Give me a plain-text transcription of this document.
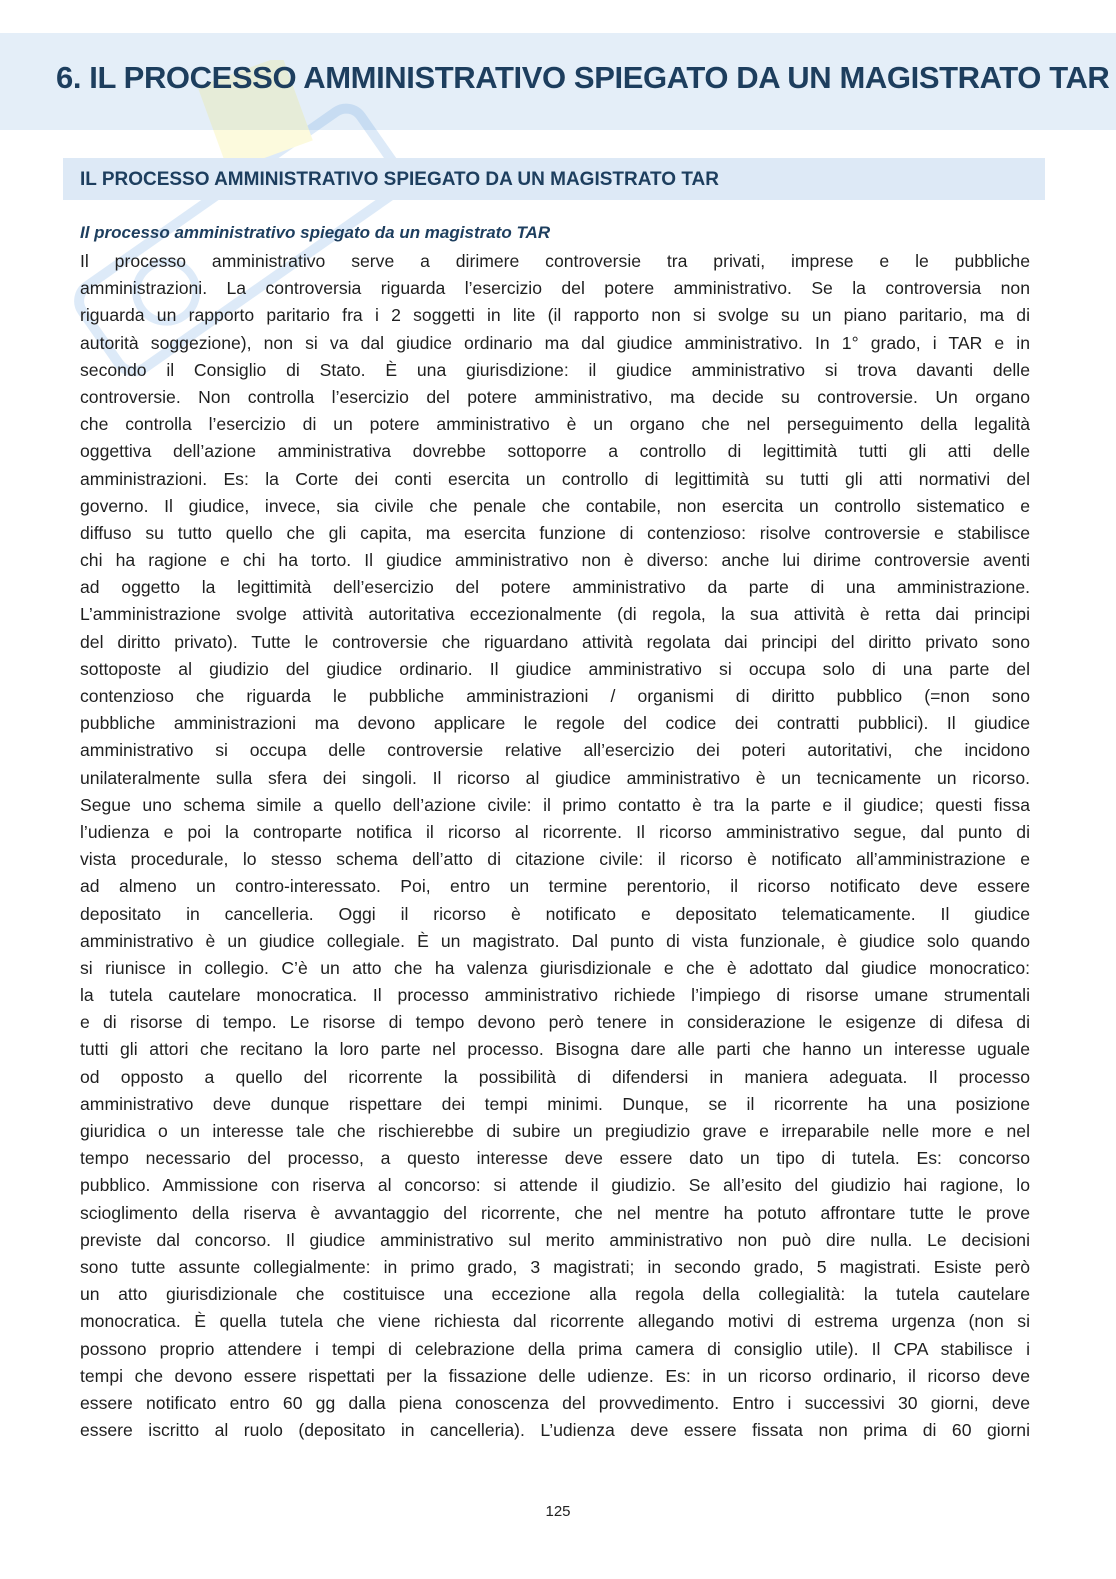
6. IL PROCESSO AMMINISTRATIVO SPIEGATO DA UN MAGISTRATO TAR
IL PROCESSO AMMINISTRATIVO SPIEGATO DA UN MAGISTRATO TAR
Il processo amministrativo spiegato da un magistrato TAR
Il processo amministrativo serve a dirimere controversie tra privati, imprese e le pubbliche
amministrazioni. La controversia riguarda l’esercizio del potere amministrativo. Se la controversia non
riguarda un rapporto paritario fra i 2 soggetti in lite (il rapporto non si svolge su un piano paritario, ma di
autorità soggezione), non si va dal giudice ordinario ma dal giudice amministrativo. In 1° grado, i TAR e in
secondo il Consiglio di Stato. È una giurisdizione: il giudice amministrativo si trova davanti delle
controversie. Non controlla l’esercizio del potere amministrativo, ma decide su controversie. Un organo
che controlla l’esercizio di un potere amministrativo è un organo che nel perseguimento della legalità
oggettiva dell’azione amministrativa dovrebbe sottoporre a controllo di legittimità tutti gli atti delle
amministrazioni. Es: la Corte dei conti esercita un controllo di legittimità su tutti gli atti normativi del
governo. Il giudice, invece, sia civile che penale che contabile, non esercita un controllo sistematico e
diffuso su tutto quello che gli capita, ma esercita funzione di contenzioso: risolve controversie e stabilisce
chi ha ragione e chi ha torto. Il giudice amministrativo non è diverso: anche lui dirime controversie aventi
ad oggetto la legittimità dell’esercizio del potere amministrativo da parte di una amministrazione.
L’amministrazione svolge attività autoritativa eccezionalmente (di regola, la sua attività è retta dai principi
del diritto privato). Tutte le controversie che riguardano attività regolata dai principi del diritto privato sono
sottoposte al giudizio del giudice ordinario. Il giudice amministrativo si occupa solo di una parte del
contenzioso che riguarda le pubbliche amministrazioni / organismi di diritto pubblico (=non sono
pubbliche amministrazioni ma devono applicare le regole del codice dei contratti pubblici). Il giudice
amministrativo si occupa delle controversie relative all’esercizio dei poteri autoritativi, che incidono
unilateralmente sulla sfera dei singoli. Il ricorso al giudice amministrativo è un tecnicamente un ricorso.
Segue uno schema simile a quello dell’azione civile: il primo contatto è tra la parte e il giudice; questi fissa
l’udienza e poi la controparte notifica il ricorso al ricorrente. Il ricorso amministrativo segue, dal punto di
vista procedurale, lo stesso schema dell’atto di citazione civile: il ricorso è notificato all’amministrazione e
ad almeno un contro-interessato. Poi, entro un termine perentorio, il ricorso notificato deve essere
depositato in cancelleria. Oggi il ricorso è notificato e depositato telematicamente. Il giudice
amministrativo è un giudice collegiale. È un magistrato. Dal punto di vista funzionale, è giudice solo quando
si riunisce in collegio. C’è un atto che ha valenza giurisdizionale e che è adottato dal giudice monocratico:
la tutela cautelare monocratica. Il processo amministrativo richiede l’impiego di risorse umane strumentali
e di risorse di tempo. Le risorse di tempo devono però tenere in considerazione le esigenze di difesa di
tutti gli attori che recitano la loro parte nel processo. Bisogna dare alle parti che hanno un interesse uguale
od opposto a quello del ricorrente la possibilità di difendersi in maniera adeguata. Il processo
amministrativo deve dunque rispettare dei tempi minimi. Dunque, se il ricorrente ha una posizione
giuridica o un interesse tale che rischierebbe di subire un pregiudizio grave e irreparabile nelle more e nel
tempo necessario del processo, a questo interesse deve essere dato un tipo di tutela. Es: concorso
pubblico. Ammissione con riserva al concorso: si attende il giudizio. Se all’esito del giudizio hai ragione, lo
scioglimento della riserva è avvantaggio del ricorrente, che nel mentre ha potuto affrontare tutte le prove
previste dal concorso. Il giudice amministrativo sul merito amministrativo non può dire nulla. Le decisioni
sono tutte assunte collegialmente: in primo grado, 3 magistrati; in secondo grado, 5 magistrati. Esiste però
un atto giurisdizionale che costituisce una eccezione alla regola della collegialità: la tutela cautelare
monocratica. È quella tutela che viene richiesta dal ricorrente allegando motivi di estrema urgenza (non si
possono proprio attendere i tempi di celebrazione della prima camera di consiglio utile). Il CPA stabilisce i
tempi che devono essere rispettati per la fissazione delle udienze. Es: in un ricorso ordinario, il ricorso deve
essere notificato entro 60 gg dalla piena conoscenza del provvedimento. Entro i successivi 30 giorni, deve
essere iscritto al ruolo (depositato in cancelleria). L’udienza deve essere fissata non prima di 60 giorni
125
